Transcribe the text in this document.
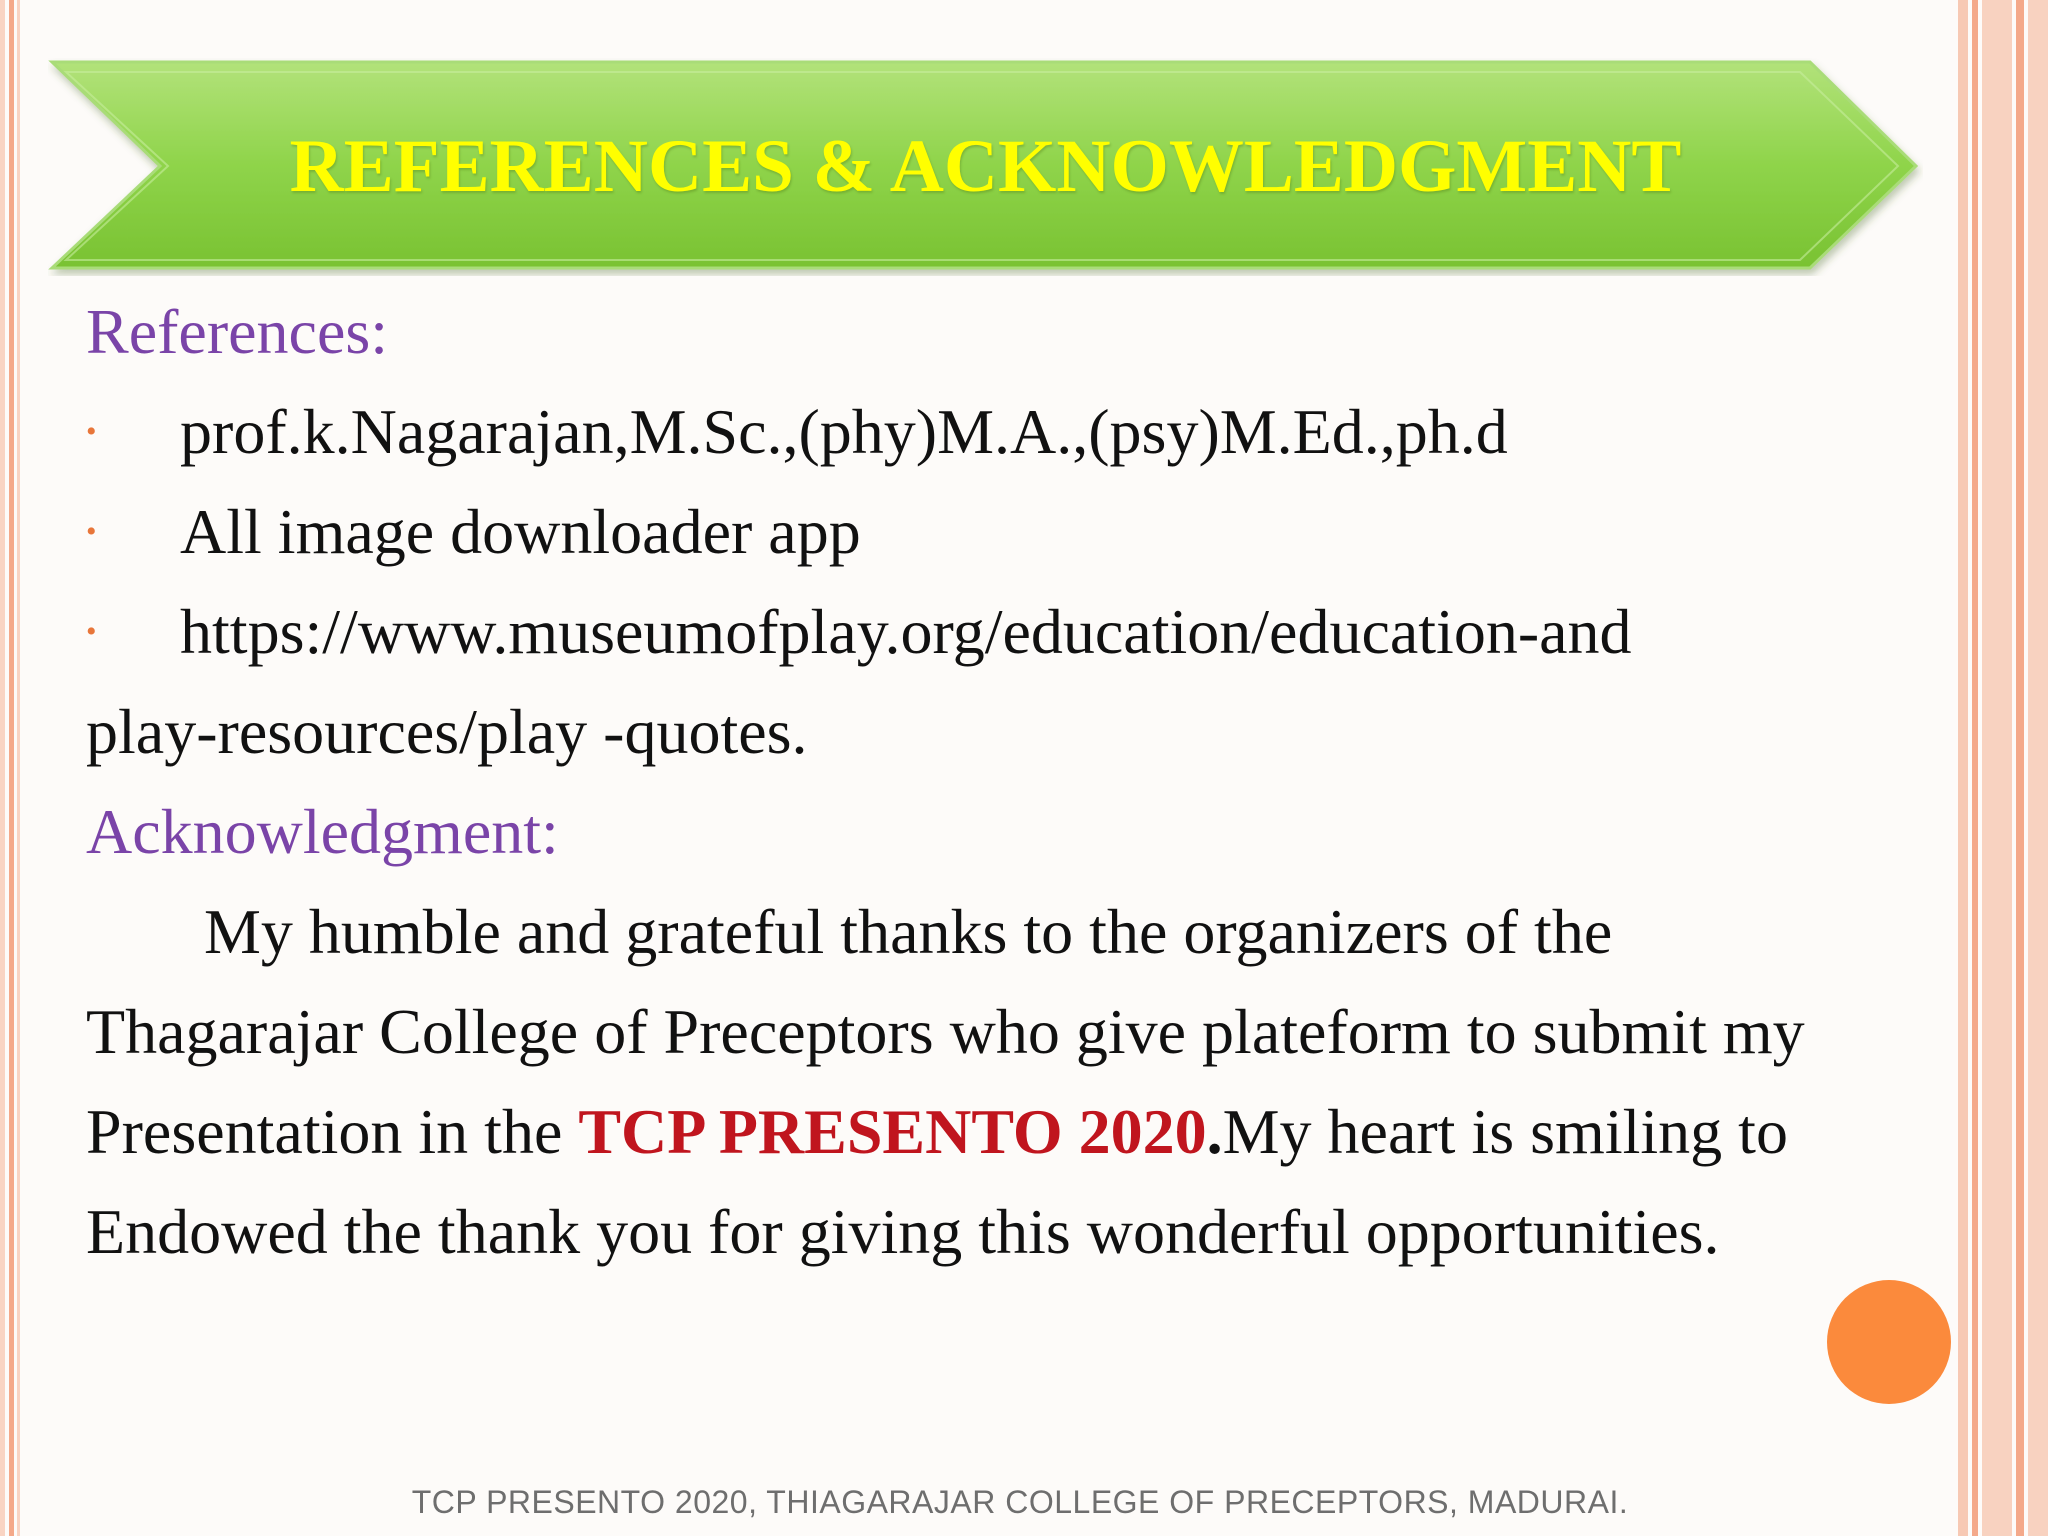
REFERENCES & ACKNOWLEDGMENT
References:
•
prof.k.Nagarajan,M.Sc.,(phy)M.A.,(psy)M.Ed.,ph.d
•
All image downloader app
•
https://www.museumofplay.org/education/education-and
play-resources/play -quotes.
Acknowledgment:
My humble and grateful thanks to the organizers of the
Thagarajar College of Preceptors who give plateform to submit my
Presentation in the TCP PRESENTO 2020.My heart is smiling to
Endowed the thank you for giving this wonderful opportunities.
TCP PRESENTO 2020, THIAGARAJAR COLLEGE OF PRECEPTORS, MADURAI.
